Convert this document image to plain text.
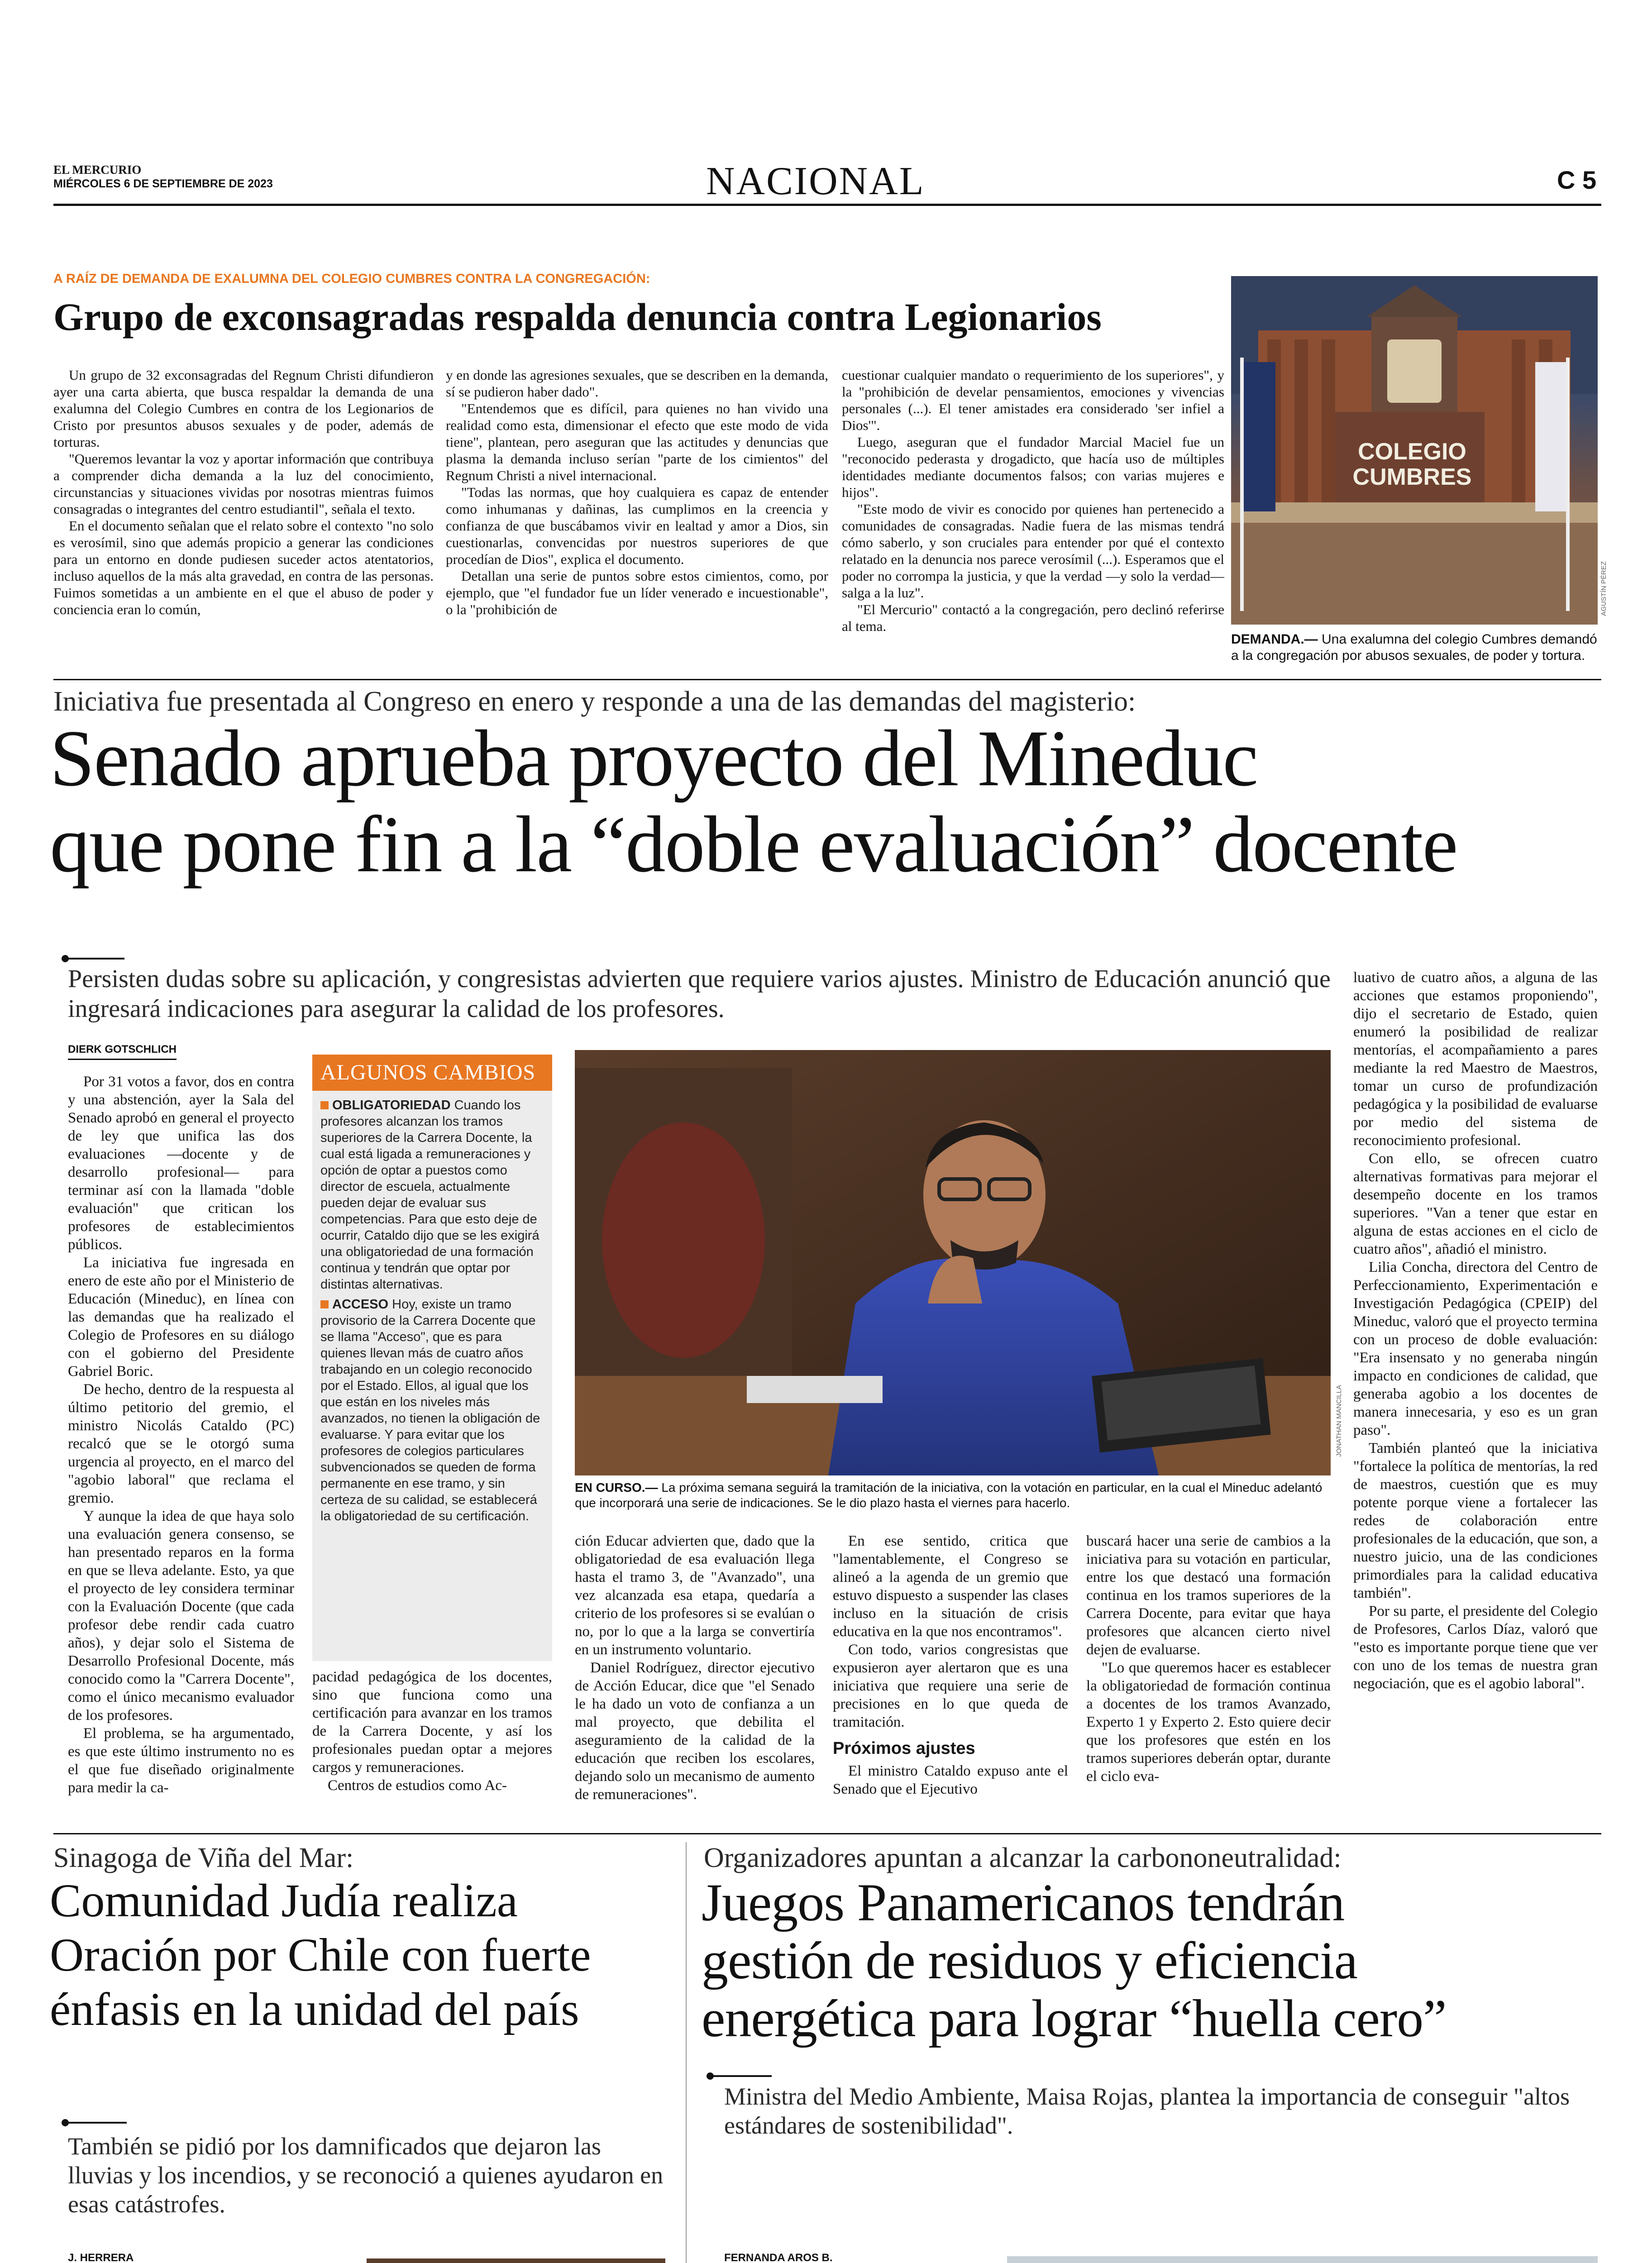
EL MERCURIO
MIÉRCOLES 6 DE SEPTIEMBRE DE 2023	NACIONAL	C 5
A RAÍZ DE DEMANDA DE EXALUMNA DEL COLEGIO CUMBRES CONTRA LA CONGREGACIÓN:
Grupo de exconsagradas respalda denuncia contra Legionarios

Un grupo de 32 exconsagradas del Regnum Christi difundieron ayer una carta abierta, que busca respaldar la demanda de una exalumna del Colegio Cumbres en contra de los Legionarios de Cristo por presuntos abusos sexuales y de poder, además de torturas.

"Queremos levantar la voz y aportar información que contribuya a comprender dicha demanda a la luz del conocimiento, circunstancias y situaciones vividas por nosotras mientras fuimos consagradas o integrantes del centro estudiantil", señala el texto.

En el documento señalan que el relato sobre el contexto "no solo es verosímil, sino que además propicio a generar las condiciones para un entorno en donde pudiesen suceder actos atentatorios, incluso aquellos de la más alta gravedad, en contra de las personas. Fuimos sometidas a un ambiente en el que el abuso de poder y conciencia eran lo común,

y en donde las agresiones sexuales, que se describen en la demanda, sí se pudieron haber dado".

"Entendemos que es difícil, para quienes no han vivido una realidad como esta, dimensionar el efecto que este modo de vida tiene", plantean, pero aseguran que las actitudes y denuncias que plasma la demanda incluso serían "parte de los cimientos" del Regnum Christi a nivel internacional.

"Todas las normas, que hoy cualquiera es capaz de entender como inhumanas y dañinas, las cumplimos en la creencia y confianza de que buscábamos vivir en lealtad y amor a Dios, sin cuestionarlas, convencidas por nuestros superiores de que procedían de Dios", explica el documento.

Detallan una serie de puntos sobre estos cimientos, como, por ejemplo, que "el fundador fue un líder venerado e incuestionable", o la "prohibición de

cuestionar cualquier mandato o requerimiento de los superiores", y la "prohibición de develar pensamientos, emociones y vivencias personales (...). El tener amistades era considerado 'ser infiel a Dios'".

Luego, aseguran que el fundador Marcial Maciel fue un "reconocido pederasta y drogadicto, que hacía uso de múltiples identidades mediante documentos falsos; con varias mujeres e hijos".

"Este modo de vivir es conocido por quienes han pertenecido a comunidades de consagradas. Nadie fuera de las mismas tendrá cómo saberlo, y son cruciales para entender por qué el contexto relatado en la denuncia nos parece verosímil (...). Esperamos que el poder no corrompa la justicia, y que la verdad —y solo la verdad— salga a la luz".

"El Mercurio" contactó a la congregación, pero declinó referirse al tema.

COLEGIO CUMBRES
AGUSTÍN PÉREZ
DEMANDA.— Una exalumna del colegio Cumbres demandó a la congregación por abusos sexuales, de poder y tortura.
Iniciativa fue presentada al Congreso en enero y responde a una de las demandas del magisterio:
Senado aprueba proyecto del Mineduc
que pone fin a la “doble evaluación” docente
Persisten dudas sobre su aplicación, y congresistas advierten que requiere varios ajustes. Ministro de Educación anunció que ingresará indicaciones para asegurar la calidad de los profesores.
DIERK GOTSCHLICH

Por 31 votos a favor, dos en contra y una abstención, ayer la Sala del Senado aprobó en general el proyecto de ley que unifica las dos evaluaciones —docente y de desarrollo profesional— para terminar así con la llamada "doble evaluación" que critican los profesores de establecimientos públicos.

La iniciativa fue ingresada en enero de este año por el Ministerio de Educación (Mineduc), en línea con las demandas que ha realizado el Colegio de Profesores en su diálogo con el gobierno del Presidente Gabriel Boric.

De hecho, dentro de la respuesta al último petitorio del gremio, el ministro Nicolás Cataldo (PC) recalcó que se le otorgó suma urgencia al proyecto, en el marco del "agobio laboral" que reclama el gremio.

Y aunque la idea de que haya solo una evaluación genera consenso, se han presentado reparos en la forma en que se lleva adelante. Esto, ya que el proyecto de ley considera terminar con la Evaluación Docente (que cada profesor debe rendir cada cuatro años), y dejar solo el Sistema de Desarrollo Profesional Docente, más conocido como la "Carrera Docente", como el único mecanismo evaluador de los profesores.

El problema, se ha argumentado, es que este último instrumento no es el que fue diseñado originalmente para medir la ca-

ALGUNOS CAMBIOS
OBLIGATORIEDAD Cuando los profesores alcanzan los tramos superiores de la Carrera Docente, la cual está ligada a remuneraciones y opción de optar a puestos como director de escuela, actualmente pueden dejar de evaluar sus competencias. Para que esto deje de ocurrir, Cataldo dijo que se les exigirá una obligatoriedad de una formación continua y tendrán que optar por distintas alternativas.
ACCESO Hoy, existe un tramo provisorio de la Carrera Docente que se llama "Acceso", que es para quienes llevan más de cuatro años trabajando en un colegio reconocido por el Estado. Ellos, al igual que los que están en los niveles más avanzados, no tienen la obligación de evaluarse. Y para evitar que los profesores de colegios particulares subvencionados se queden de forma permanente en ese tramo, y sin certeza de su calidad, se establecerá la obligatoriedad de su certificación.
JONATHAN MANCILLA
EN CURSO.— La próxima semana seguirá la tramitación de la iniciativa, con la votación en particular, en la cual el Mineduc adelantó que incorporará una serie de indicaciones. Se le dio plazo hasta el viernes para hacerlo.

pacidad pedagógica de los docentes, sino que funciona como una certificación para avanzar en los tramos de la Carrera Docente, y así los profesionales puedan optar a mejores cargos y remuneraciones.

Centros de estudios como Ac-

ción Educar advierten que, dado que la obligatoriedad de esa evaluación llega hasta el tramo 3, de "Avanzado", una vez alcanzada esa etapa, quedaría a criterio de los profesores si se evalúan o no, por lo que a la larga se convertiría en un instrumento voluntario.

Daniel Rodríguez, director ejecutivo de Acción Educar, dice que "el Senado le ha dado un voto de confianza a un mal proyecto, que debilita el aseguramiento de la calidad de la educación que reciben los escolares, dejando solo un mecanismo de aumento de remuneraciones".

En ese sentido, critica que "lamentablemente, el Congreso se alineó a la agenda de un gremio que estuvo dispuesto a suspender las clases incluso en la situación de crisis educativa en la que nos encontramos".

Con todo, varios congresistas que expusieron ayer alertaron que es una iniciativa que requiere una serie de precisiones en lo que queda de tramitación.

Próximos ajustes

El ministro Cataldo expuso ante el Senado que el Ejecutivo

buscará hacer una serie de cambios a la iniciativa para su votación en particular, entre los que destacó una formación continua en los tramos superiores de la Carrera Docente, para evitar que haya profesores que alcancen cierto nivel dejen de evaluarse.

"Lo que queremos hacer es establecer la obligatoriedad de formación continua a docentes de los tramos Avanzado, Experto 1 y Experto 2. Esto quiere decir que los profesores que estén en los tramos superiores deberán optar, durante el ciclo eva-

luativo de cuatro años, a alguna de las acciones que estamos proponiendo", dijo el secretario de Estado, quien enumeró la posibilidad de realizar mentorías, el acompañamiento a pares mediante la red Maestro de Maestros, tomar un curso de profundización pedagógica y la posibilidad de evaluarse por medio del sistema de reconocimiento profesional.

Con ello, se ofrecen cuatro alternativas formativas para mejorar el desempeño docente en los tramos superiores. "Van a tener que estar en alguna de estas acciones en el ciclo de cuatro años", añadió el ministro.

Lilia Concha, directora del Centro de Perfeccionamiento, Experimentación e Investigación Pedagógica (CPEIP) del Mineduc, valoró que el proyecto termina con un proceso de doble evaluación: "Era insensato y no generaba ningún impacto en condiciones de calidad, que generaba agobio a los docentes de manera innecesaria, y eso es un gran paso".

También planteó que la iniciativa "fortalece la política de mentorías, la red de maestros, cuestión que es muy potente porque viene a fortalecer las redes de colaboración entre profesionales de la educación, que son, a nuestro juicio, una de las condiciones primordiales para la calidad educativa también".

Por su parte, el presidente del Colegio de Profesores, Carlos Díaz, valoró que "esto es importante porque tiene que ver con uno de los temas de nuestra gran negociación, que es el agobio laboral".

Sinagoga de Viña del Mar:
Comunidad Judía realiza
Oración por Chile con fuerte
énfasis en la unidad del país
También se pidió por los damnificados que dejaron las lluvias y los incendios, y se reconoció a quienes ayudaron en esas catástrofes.
J. HERRERA

Organizadores apuntan a alcanzar la carbononeutralidad:
Juegos Panamericanos tendrán
gestión de residuos y eficiencia
energética para lograr “huella cero”
Ministra del Medio Ambiente, Maisa Rojas, plantea la importancia de conseguir "altos estándares de sostenibilidad".
FERNANDA AROS B.
